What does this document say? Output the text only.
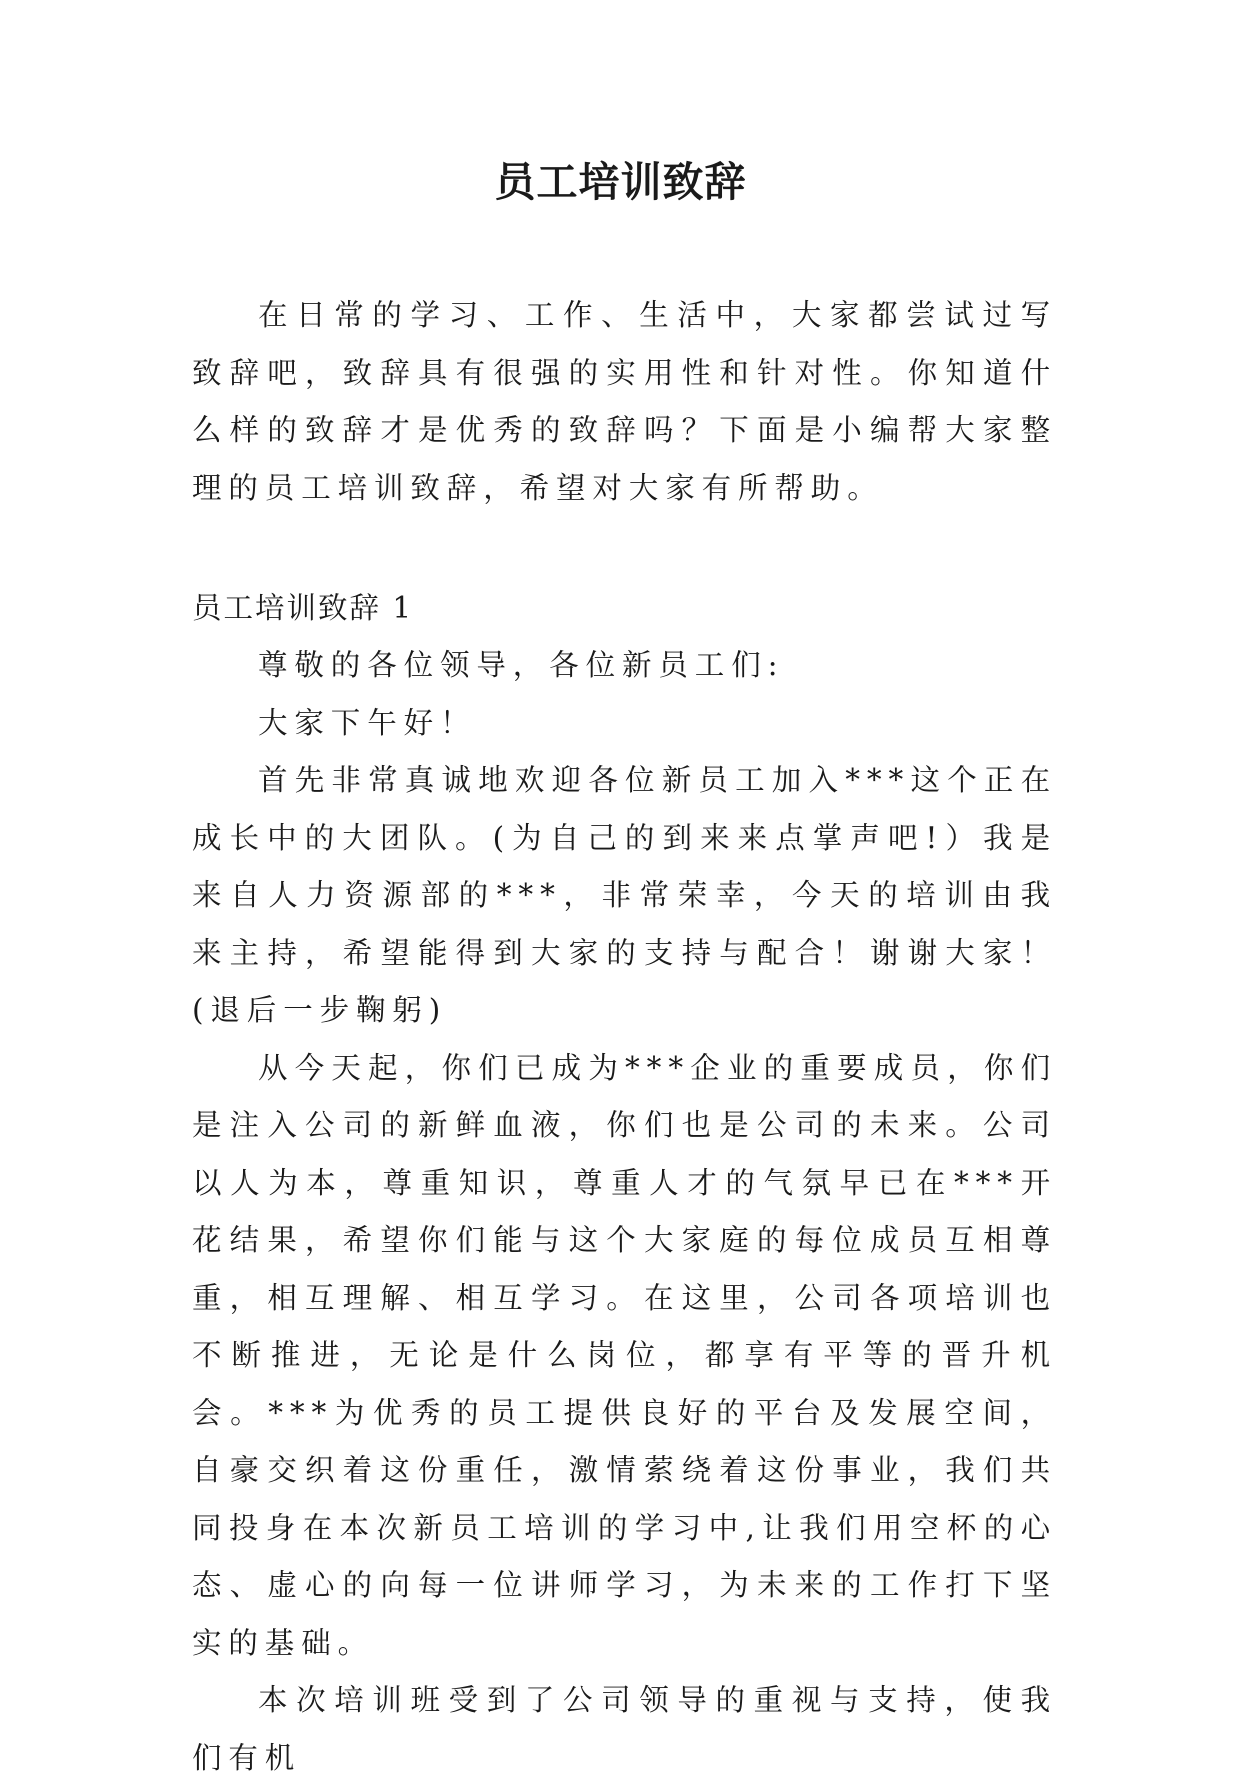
员工培训致辞

在日常的学习、工作、生活中，大家都尝试过写致辞吧，致辞具有很强的实用性和针对性。你知道什么样的致辞才是优秀的致辞吗？下面是小编帮大家整理的员工培训致辞，希望对大家有所帮助。

员工培训致辞 1

尊敬的各位领导，各位新员工们:

大家下午好！

首先非常真诚地欢迎各位新员工加入***这个正在成长中的大团队。(为自己的到来来点掌声吧!）我是来自人力资源部的***，非常荣幸，今天的培训由我来主持，希望能得到大家的支持与配合！谢谢大家！(退后一步鞠躬)

从今天起，你们已成为***企业的重要成员，你们是注入公司的新鲜血液，你们也是公司的未来。公司以人为本，尊重知识，尊重人才的气氛早已在***开花结果，希望你们能与这个大家庭的每位成员互相尊重，相互理解、相互学习。在这里，公司各项培训也不断推进，无论是什么岗位，都享有平等的晋升机会。***为优秀的员工提供良好的平台及发展空间，自豪交织着这份重任，激情萦绕着这份事业，我们共同投身在本次新员工培训的学习中,让我们用空杯的心态、虚心的向每一位讲师学习，为未来的工作打下坚实的基础。

本次培训班受到了公司领导的重视与支持，使我们有机
